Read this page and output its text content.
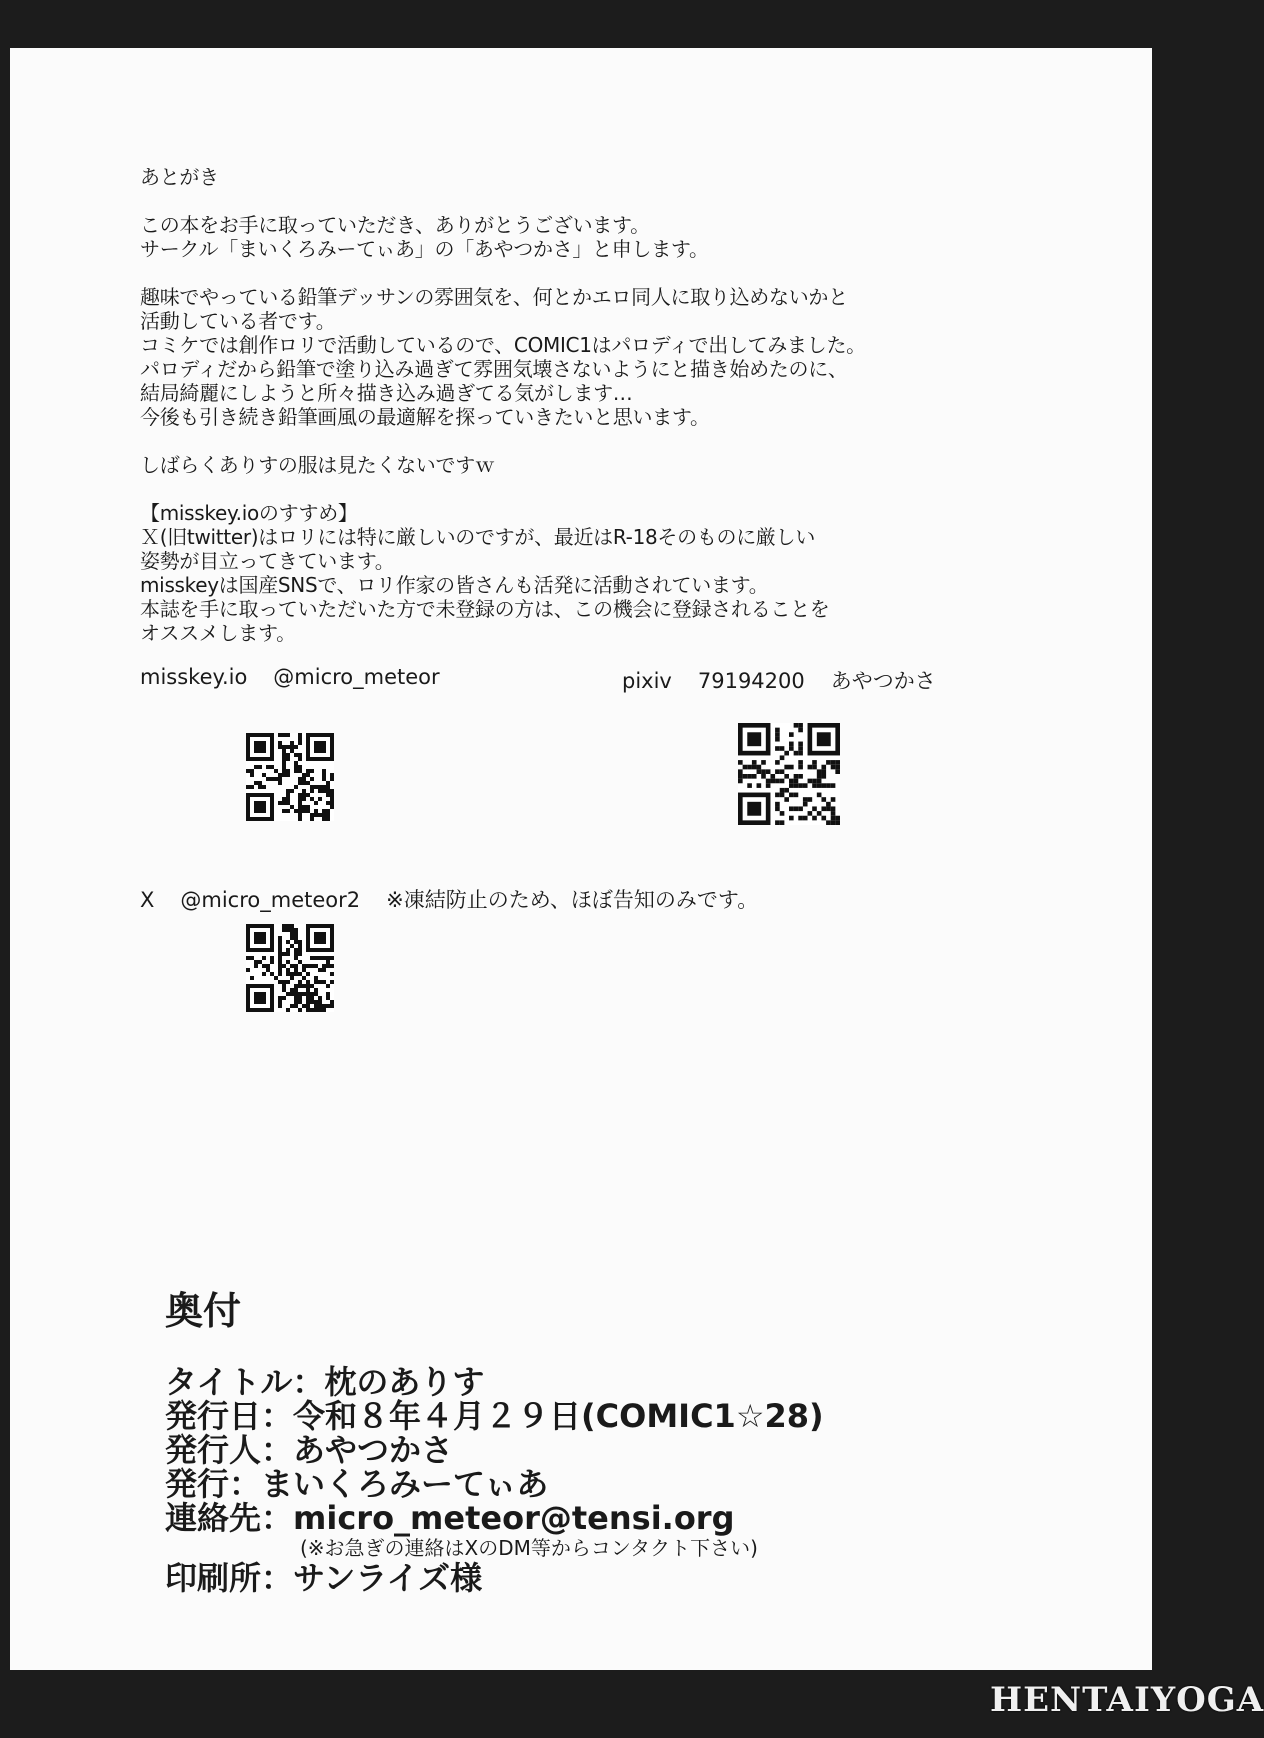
あとがき

この本をお手に取っていただき、ありがとうございます。

サークル「まいくろみーてぃあ」の「あやつかさ」と申します。

趣味でやっている鉛筆デッサンの雰囲気を、何とかエロ同人に取り込めないかと

活動している者です。

コミケでは創作ロリで活動しているので、COMIC1はパロディで出してみました。

パロディだから鉛筆で塗り込み過ぎて雰囲気壊さないようにと描き始めたのに、

結局綺麗にしようと所々描き込み過ぎてる気がします…

今後も引き続き鉛筆画風の最適解を探っていきたいと思います。

しばらくありすの服は見たくないですｗ

【misskey.ioのすすめ】

Ｘ(旧twitter)はロリには特に厳しいのですが、最近はR-18そのものに厳しい

姿勢が目立ってきています。

misskeyは国産SNSで、ロリ作家の皆さんも活発に活動されています。

本誌を手に取っていただいた方で未登録の方は、この機会に登録されることを

オススメします。

misskey.io @micro_meteor	pixiv 79194200 あやつかさ
X @micro_meteor2 ※凍結防止のため、ほぼ告知のみです。
奥付
タイトル：枕のありす
発行日：令和８年４月２９日(COMIC1☆28)
発行人：あやつかさ
発行：まいくろみーてぃあ
連絡先：micro_meteor@tensi.org
(※お急ぎの連絡はXのDM等からコンタクト下さい)
印刷所：サンライズ様
HENTAIYOGA
